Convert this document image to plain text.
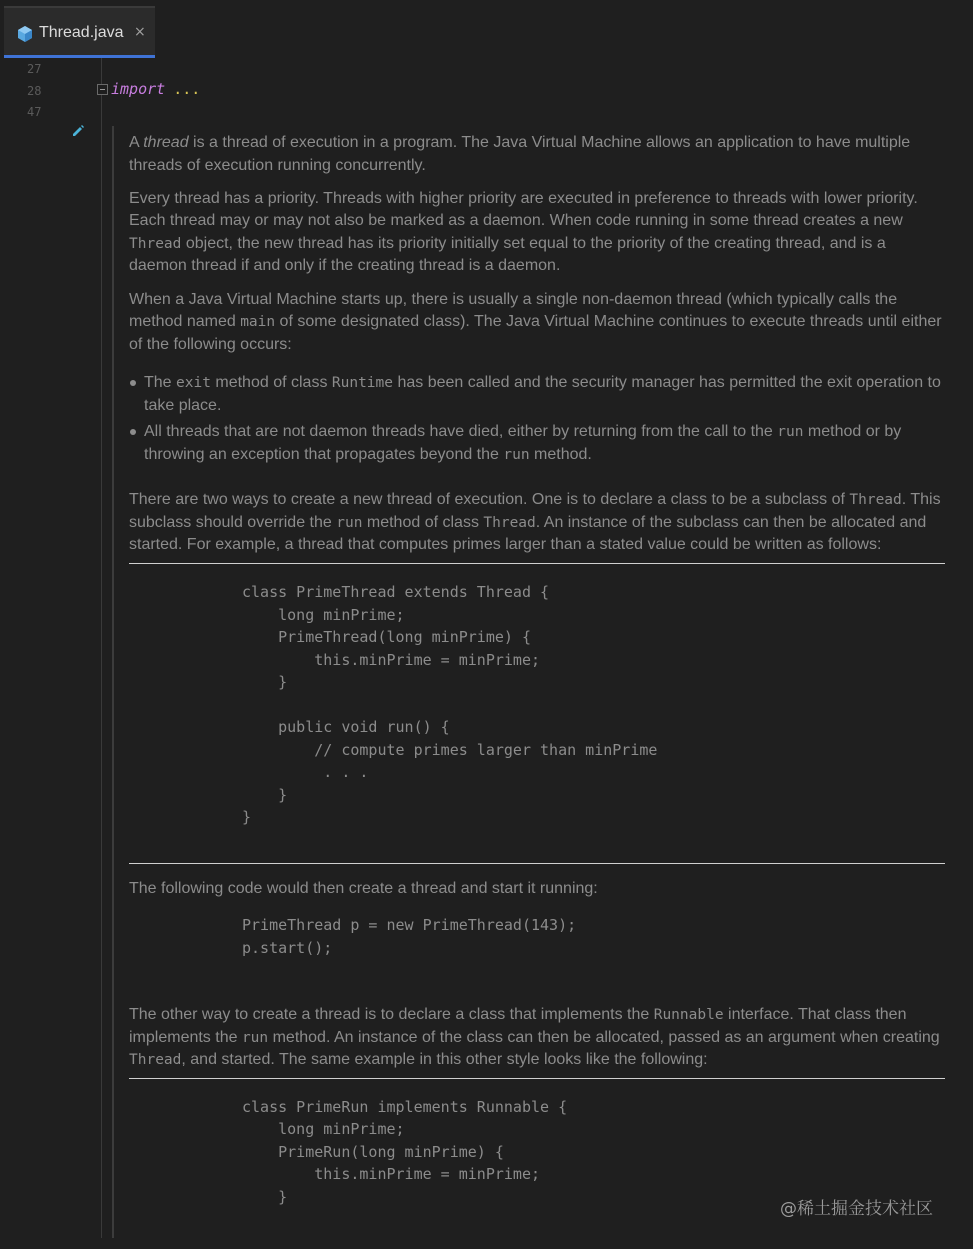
Thread.java ×
27
28
47
import ...

A thread is a thread of execution in a program. The Java Virtual Machine allows an application to have multiple threads of execution running concurrently.

Every thread has a priority. Threads with higher priority are executed in preference to threads with lower priority. Each thread may or may not also be marked as a daemon. When code running in some thread creates a new Thread object, the new thread has its priority initially set equal to the priority of the creating thread, and is a daemon thread if and only if the creating thread is a daemon.

When a Java Virtual Machine starts up, there is usually a single non-daemon thread (which typically calls the method named main of some designated class). The Java Virtual Machine continues to execute threads until either of the following occurs:

The exit method of class Runtime has been called and the security manager has permitted the exit operation to take place.
All threads that are not daemon threads have died, either by returning from the call to the run method or by throwing an exception that propagates beyond the run method.

There are two ways to create a new thread of execution. One is to declare a class to be a subclass of Thread. This subclass should override the run method of class Thread. An instance of the subclass can then be allocated and started. For example, a thread that computes primes larger than a stated value could be written as follows:

class PrimeThread extends Thread {
long minPrime;
PrimeThread(long minPrime) {
this.minPrime = minPrime;
}

public void run() {
// compute primes larger than minPrime
. . .
}
}

The following code would then create a thread and start it running:

PrimeThread p = new PrimeThread(143);
p.start();

The other way to create a thread is to declare a class that implements the Runnable interface. That class then implements the run method. An instance of the class can then be allocated, passed as an argument when creating Thread, and started. The same example in this other style looks like the following:

class PrimeRun implements Runnable {
long minPrime;
PrimeRun(long minPrime) {
this.minPrime = minPrime;
}
@稀土掘金技术社区
